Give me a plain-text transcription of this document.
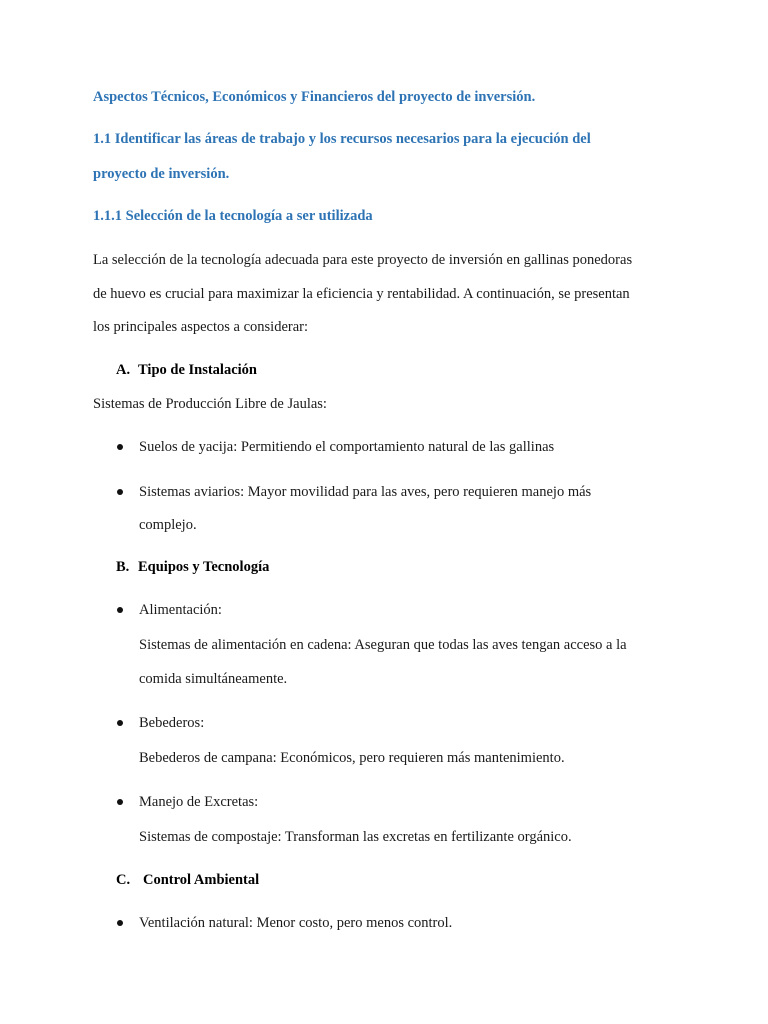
Aspectos Técnicos, Económicos y Financieros del proyecto de inversión.
1.1 Identificar las áreas de trabajo y los recursos necesarios para la ejecución del
proyecto de inversión.
1.1.1 Selección de la tecnología a ser utilizada
La selección de la tecnología adecuada para este proyecto de inversión en gallinas ponedoras
de huevo es crucial para maximizar la eficiencia y rentabilidad. A continuación, se presentan
los principales aspectos a considerar:
A. Tipo de Instalación
Sistemas de Producción Libre de Jaulas:
Suelos de yacija: Permitiendo el comportamiento natural de las gallinas
Sistemas aviarios: Mayor movilidad para las aves, pero requieren manejo más
complejo.
B. Equipos y Tecnología
Alimentación:
Sistemas de alimentación en cadena: Aseguran que todas las aves tengan acceso a la
comida simultáneamente.
Bebederos:
Bebederos de campana: Económicos, pero requieren más mantenimiento.
Manejo de Excretas:
Sistemas de compostaje: Transforman las excretas en fertilizante orgánico.
C. Control Ambiental
Ventilación natural: Menor costo, pero menos control.
